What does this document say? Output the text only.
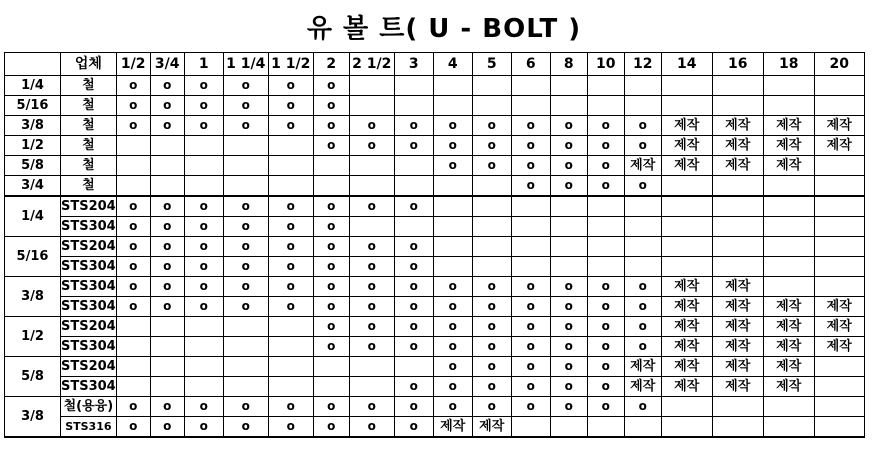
유 볼 트( U - BOLT )
	업체	1/2	3/4	1	1 1/4	1 1/2	2	2 1/2	3	4	5	6	8	10	12	14	16	18	20
1/4	철	o	o	o	o	o	o												
5/16	철	o	o	o	o	o	o												
3/8	철	o	o	o	o	o	o	o	o	o	o	o	o	o	o	제작	제작	제작	제작
1/2	철						o	o	o	o	o	o	o	o	o	제작	제작	제작	제작
5/8	철									o	o	o	o	o	제작	제작	제작	제작	
3/4	철											o	o	o	o				
1/4	STS204	o	o	o	o	o	o	o	o										
	STS304	o	o	o	o	o	o												
5/16	STS204	o	o	o	o	o	o	o	o										
	STS304	o	o	o	o	o	o	o	o										
3/8	STS304	o	o	o	o	o	o	o	o	o	o	o	o	o	o	제작	제작		
	STS304	o	o	o	o	o	o	o	o	o	o	o	o	o	o	제작	제작	제작	제작
1/2	STS204						o	o	o	o	o	o	o	o	o	제작	제작	제작	제작
	STS304						o	o	o	o	o	o	o	o	o	제작	제작	제작	제작
5/8	STS204									o	o	o	o	o	제작	제작	제작	제작	
	STS304								o	o	o	o	o	o	제작	제작	제작	제작	
3/8	철(용융)	o	o	o	o	o	o	o	o	o	o	o	o	o	o				
	STS316	o	o	o	o	o	o	o	o	제작	제작								
